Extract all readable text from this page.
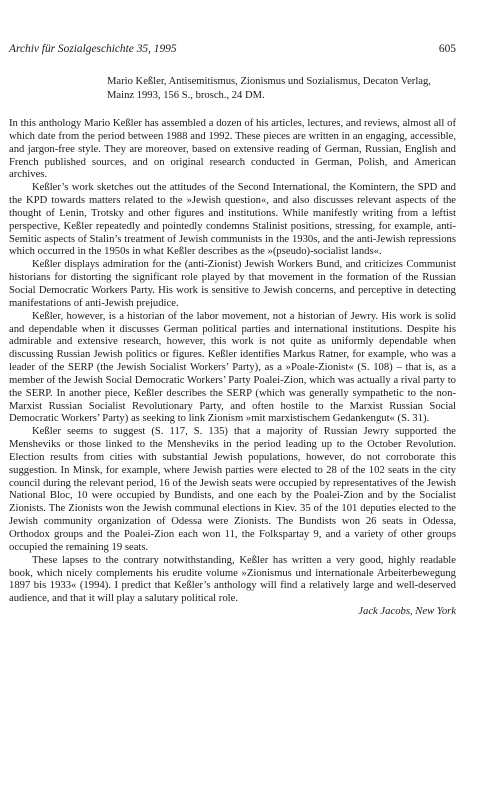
Archiv für Sozialgeschichte 35, 1995	605
Mario Keßler, Antisemitismus, Zionismus und Sozialismus, Decaton Verlag, Mainz 1993, 156 S., brosch., 24 DM.

In this anthology Mario Keßler has assembled a dozen of his articles, lectures, and reviews, almost all of which date from the period between 1988 and 1992. These pieces are written in an engaging, accessible, and jargon-free style. They are moreover, based on extensive reading of German, Russian, English and French published sources, and on original research conducted in German, Polish, and American archives.

Keßler’s work sketches out the attitudes of the Second International, the Komintern, the SPD and the KPD towards matters related to the »Jewish question«, and also discusses relevant aspects of the thought of Lenin, Trotsky and other figures and institutions. While manifestly writing from a leftist perspective, Keßler repeatedly and pointedly condemns Stalinist positions, stressing, for example, anti-Semitic aspects of Stalin’s treatment of Jewish communists in the 1930s, and the anti-Jewish repressions which occurred in the 1950s in what Keßler describes as the »(pseudo)-socialist lands«.

Keßler displays admiration for the (anti-Zionist) Jewish Workers Bund, and criticizes Communist historians for distorting the significant role played by that movement in the formation of the Russian Social Democratic Workers Party. His work is sensitive to Jewish concerns, and perceptive in detecting manifestations of anti-Jewish prejudice.

Keßler, however, is a historian of the labor movement, not a historian of Jewry. His work is solid and dependable when it discusses German political parties and international institutions. Despite his admirable and extensive research, however, this work is not quite as uniformly dependable when discussing Russian Jewish politics or figures. Keßler identifies Markus Ratner, for example, who was a leader of the SERP (the Jewish Socialist Workers’ Party), as a »Poale-Zionist« (S. 108) – that is, as a member of the Jewish Social Democratic Workers’ Party Poalei-Zion, which was actually a rival party to the SERP. In another piece, Keßler describes the SERP (which was generally sympathetic to the non-Marxist Russian Socialist Revolutionary Party, and often hostile to the Marxist Russian Social Democratic Workers’ Party) as seeking to link Zionism »mit marxistischem Gedankengut« (S. 31).

Keßler seems to suggest (S. 117, S. 135) that a majority of Russian Jewry supported the Mensheviks or those linked to the Mensheviks in the period leading up to the October Revolution. Election results from cities with substantial Jewish populations, however, do not corroborate this suggestion. In Minsk, for example, where Jewish parties were elected to 28 of the 102 seats in the city council during the relevant period, 16 of the Jewish seats were occupied by representatives of the Jewish National Bloc, 10 were occupied by Bundists, and one each by the Poalei-Zion and by the Socialist Zionists. The Zionists won the Jewish communal elections in Kiev. 35 of the 101 deputies elected to the Jewish community organization of Odessa were Zionists. The Bundists won 26 seats in Odessa, Orthodox groups and the Poalei-Zion each won 11, the Folkspartay 9, and a variety of other groups occupied the remaining 19 seats.

These lapses to the contrary notwithstanding, Keßler has written a very good, highly readable book, which nicely complements his erudite volume »Zionismus und internationale Arbeiterbewegung 1897 bis 1933« (1994). I predict that Keßler’s anthology will find a relatively large and well-deserved audience, and that it will play a salutary political role.

Jack Jacobs, New York
